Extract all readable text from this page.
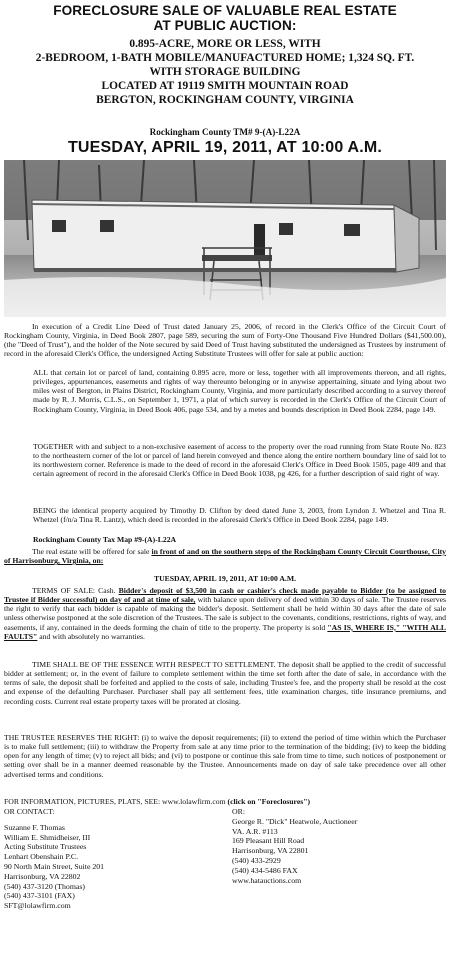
FORECLOSURE SALE OF VALUABLE REAL ESTATE
AT PUBLIC AUCTION:
0.895-ACRE, MORE OR LESS, WITH
2-BEDROOM, 1-BATH MOBILE/MANUFACTURED HOME; 1,324 SQ. FT.
WITH STORAGE BUILDING
LOCATED AT 19119 SMITH MOUNTAIN ROAD
BERGTON, ROCKINGHAM COUNTY, VIRGINIA
Rockingham County TM# 9-(A)-L22A
TUESDAY, APRIL 19, 2011, AT 10:00 A.M.
In execution of a Credit Line Deed of Trust dated January 25, 2006, of record in the Clerk's Office of the Circuit Court of Rockingham County, Virginia, in Deed Book 2807, page 589, securing the sum of Forty-One Thousand Five Hundred Dollars ($41,500.00), (the "Deed of Trust"), and the holder of the Note secured by said Deed of Trust having substituted the undersigned as Trustees by instrument of record in the aforesaid Clerk's Office, the undersigned Acting Substitute Trustees will offer for sale at public auction:
ALL that certain lot or parcel of land, containing 0.895 acre, more or less, together with all improvements thereon, and all rights, privileges, appurtenances, easements and rights of way thereunto belonging or in anywise appertaining, situate and lying about two miles west of Bergton, in Plains District, Rockingham County, Virginia, and more particularly described according to a survey thereof made by R. J. Morris, C.L.S., on September 1, 1971, a plat of which survey is recorded in the Clerk's Office of the Circuit Court of Rockingham County, Virginia, in Deed Book 406, page 534, and by a metes and bounds description in Deed Book 2284, page 149.
TOGETHER with and subject to a non-exclusive easement of access to the property over the road running from State Route No. 823 to the northeastern corner of the lot or parcel of land herein conveyed and thence along the entire northern boundary line of said lot to its northwestern corner. Reference is made to the deed of record in the aforesaid Clerk's Office in Deed Book 1505, page 409 and that certain agreement of record in the aforesaid Clerk's Office in Deed Book 1038, pg 426, for a further description of said right of way.
BEING the identical property acquired by Timothy D. Clifton by deed dated June 3, 2003, from Lyndon J. Whetzel and Tina R. Whetzel (f/n/a Tina R. Lantz), which deed is recorded in the aforesaid Clerk's Office in Deed Book 2284, page 149.
Rockingham County Tax Map #9-(A)-L22A
The real estate will be offered for sale in front of and on the southern steps of the Rockingham County Circuit Courthouse, City of Harrisonburg, Virginia, on:
TUESDAY, APRIL 19, 2011, AT 10:00 A.M.
TERMS OF SALE: Cash. Bidder's deposit of $3,500 in cash or cashier's check made payable to Bidder (to be assigned to Trustee if Bidder successful) on day of and at time of sale, with balance upon delivery of deed within 30 days of sale. The Trustee reserves the right to verify that each bidder is capable of making the bidder's deposit. Settlement shall be held within 30 days after the date of sale unless otherwise postponed at the sole discretion of the Trustees. The sale is subject to the covenants, conditions, restrictions, rights of way, and easements, if any, contained in the deeds forming the chain of title to the property. The property is sold "AS IS, WHERE IS," "WITH ALL FAULTS" and with absolutely no warranties.
TIME SHALL BE OF THE ESSENCE WITH RESPECT TO SETTLEMENT. The deposit shall be applied to the credit of successful bidder at settlement; or, in the event of failure to complete settlement within the time set forth after the date of sale, in accordance with the terms of sale, the deposit shall be forfeited and applied to the costs of sale, including Trustee's fee, and the property shall be resold at the cost and expense of the defaulting Purchaser. Purchaser shall pay all settlement fees, title examination charges, title insurance premiums, and recording costs. Current real estate property taxes will be prorated at closing.
THE TRUSTEE RESERVES THE RIGHT: (i) to waive the deposit requirements; (ii) to extend the period of time within which the Purchaser is to make full settlement; (iii) to withdraw the Property from sale at any time prior to the termination of the bidding; (iv) to keep the bidding open for any length of time; (v) to reject all bids; and (vi) to postpone or continue this sale from time to time, such notices of postponement or setting over shall be in a manner deemed reasonable by the Trustee. Announcements made on day of sale take precedence over all other advertised terms and conditions.
FOR INFORMATION, PICTURES, PLATS, SEE: www.lolawfirm.com (click on "Foreclosures")
OR CONTACT:
Suzanne F. Thomas
William E. Shmidheiser, III
Acting Substitute Trustees
Lenhart Obenshain P.C.
90 North Main Street, Suite 201
Harrisonburg, VA 22802
(540) 437-3120 (Thomas)
(540) 437-3101 (FAX)
SFT@lolawfirm.com
OR:
George R. "Dick" Heatwole, Auctioneer
VA. A.R. #113
169 Pleasant Hill Road
Harrisonburg, VA 22801
(540) 433-2929
(540) 434-5486 FAX
www.hatauctions.com
